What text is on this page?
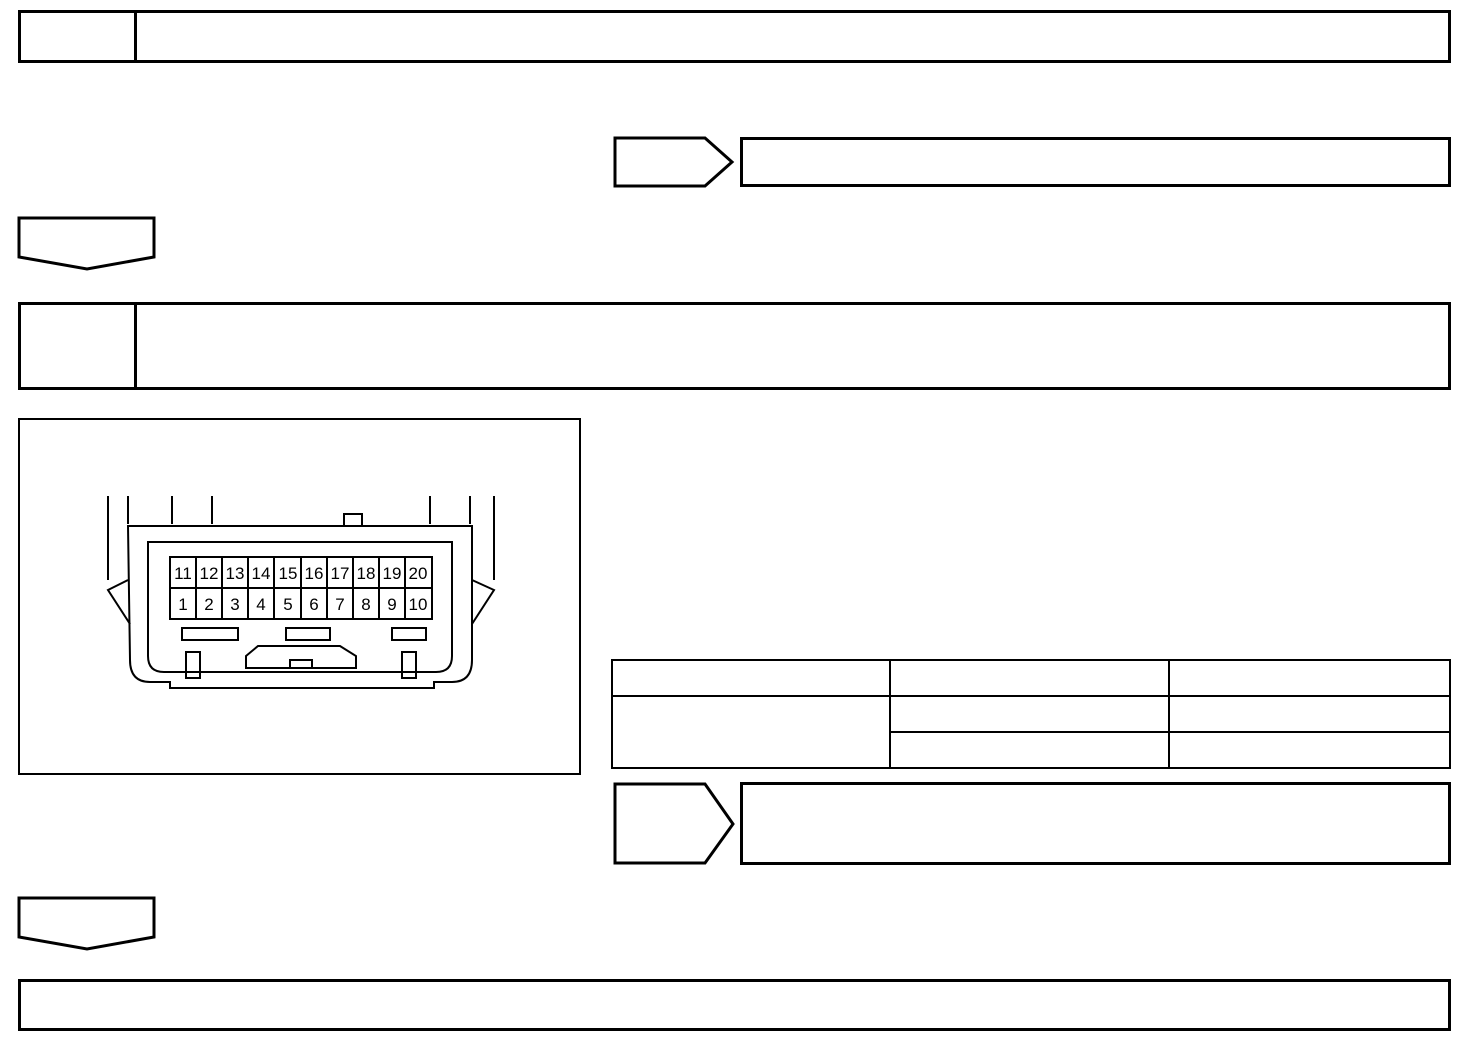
11 12 13 14 15 16 17 18 19 20
1 2 3 4 5 6 7 8 9 10
